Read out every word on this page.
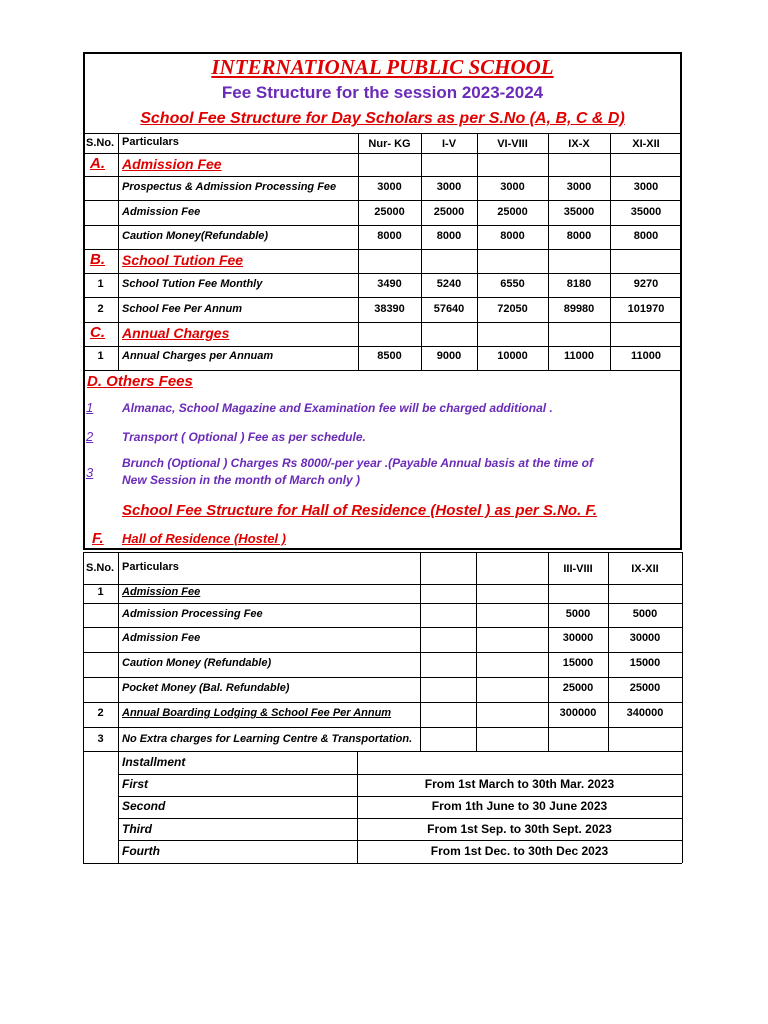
INTERNATIONAL PUBLIC SCHOOL
Fee Structure for the session 2023-2024
School Fee Structure for Day Scholars as per S.No (A, B, C & D)
S.No. Particulars	Nur- KG	I-V	VI-VIII	IX-X	XI-XII
A. Admission Fee
Prospectus & Admission Processing Fee	3000	3000	3000	3000	3000
Admission Fee	25000	25000	25000	35000	35000
Caution Money(Refundable)	8000	8000	8000	8000	8000
B. School Tution Fee
1	School Tution Fee Monthly	3490	5240	6550	8180	9270
2	School Fee Per Annum	38390	57640	72050	89980	101970
C. Annual Charges
1	Annual Charges per Annuam	8500	9000	10000	11000	11000
D. Others Fees
1 Almanac, School Magazine and Examination fee will be charged additional .
2 Transport ( Optional ) Fee as per schedule.
3
Brunch (Optional ) Charges Rs 8000/-per year .(Payable Annual basis at the time of
New Session in the month of March only )
School Fee Structure for Hall of Residence (Hostel ) as per S.No. F.
F. Hall of Residence (Hostel )
S.No. Particulars	III-VIII	IX-XII
1	Admission Fee
Admission Processing Fee	5000	5000
Admission Fee	30000	30000
Caution Money (Refundable)	15000	15000
Pocket Money (Bal. Refundable)	25000	25000
2	Annual Boarding Lodging & School Fee Per Annum	300000	340000
3	No Extra charges for Learning Centre & Transportation.
Installment
First	From 1st March to 30th Mar. 2023
Second	From 1th June to 30 June 2023
Third	From 1st Sep. to 30th Sept. 2023
Fourth	From 1st Dec. to 30th Dec 2023
